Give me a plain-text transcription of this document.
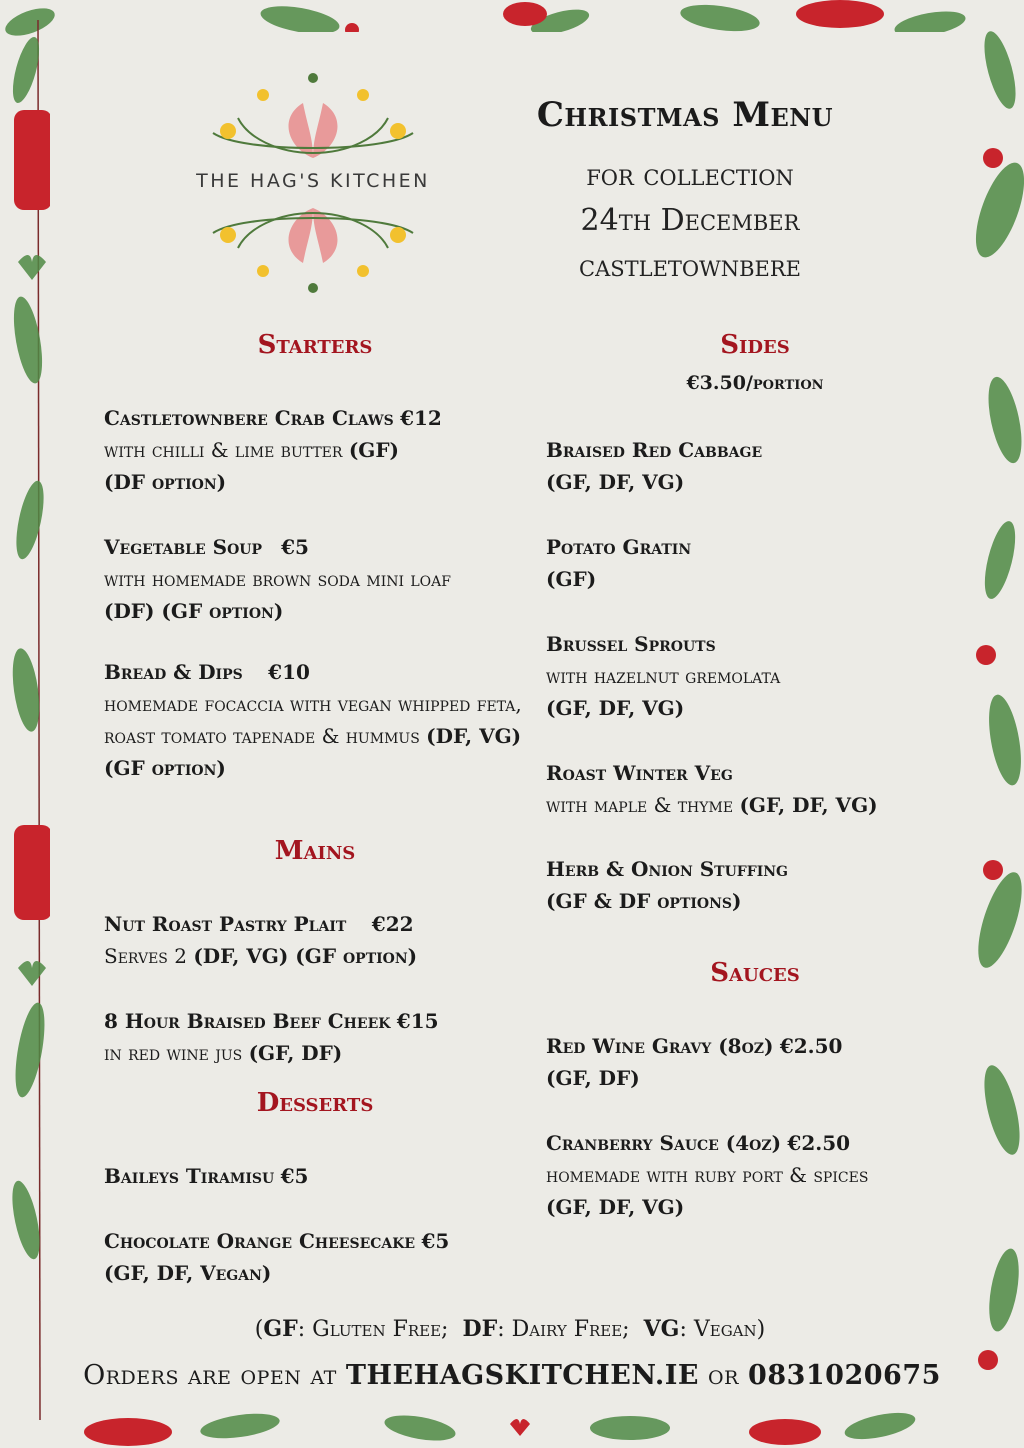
THE HAG'S KITCHEN
Christmas Menu
for collection
24th December
castletownbere
Starters
Castletownbere Crab Claws €12
with chilli & lime butter (GF)
(DF option)
Vegetable Soup €5
with homemade brown soda mini loaf (DF) (GF option)
Bread & Dips €10
homemade focaccia with vegan whipped feta, roast tomato tapenade & hummus (DF, VG)
(GF option)
Mains
Nut Roast Pastry Plait €22
Serves 2 (DF, VG) (GF option)
8 Hour Braised Beef Cheek €15
in red wine jus (GF, DF)
Desserts
Baileys Tiramisu €5
Chocolate Orange Cheesecake €5
(GF, DF, Vegan)
Sides
€3.50/portion
Braised Red Cabbage
(GF, DF, VG)
Potato Gratin
(GF)
Brussel Sprouts
with hazelnut gremolata
(GF, DF, VG)
Roast Winter Veg
with maple & thyme (GF, DF, VG)
Herb & Onion Stuffing
(GF & DF options)
Sauces
Red Wine Gravy (8oz) €2.50
(GF, DF)
Cranberry Sauce (4oz) €2.50
homemade with ruby port & spices
(GF, DF, VG)
(GF: Gluten Free; DF: Dairy Free; VG: Vegan)
Orders are open at THEHAGSKITCHEN.IE or 0831020675
